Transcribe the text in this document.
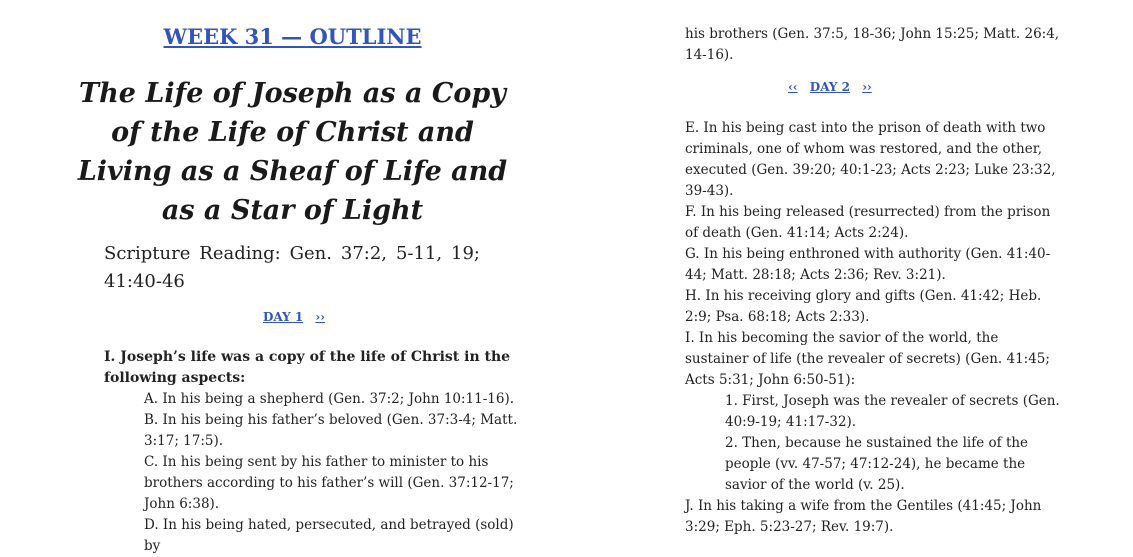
WEEK 31 — OUTLINE
The Life of Joseph as a Copy of the Life of Christ and Living as a Sheaf of Life and as a Star of Light
Scripture Reading: Gen. 37:2, 5-11, 19; 41:40-46
DAY 1 ››
I. Joseph’s life was a copy of the life of Christ in the following aspects:
A. In his being a shepherd (Gen. 37:2; John 10:11-16).
B. In his being his father’s beloved (Gen. 37:3-4; Matt. 3:17; 17:5).
C. In his being sent by his father to minister to his brothers according to his father’s will (Gen. 37:12-17; John 6:38).
D. In his being hated, persecuted, and betrayed (sold) by
his brothers (Gen. 37:5, 18-36; John 15:25; Matt. 26:4, 14-16).
‹‹ DAY 2 ››
E. In his being cast into the prison of death with two criminals, one of whom was restored, and the other, executed (Gen. 39:20; 40:1-23; Acts 2:23; Luke 23:32, 39-43).
F. In his being released (resurrected) from the prison of death (Gen. 41:14; Acts 2:24).
G. In his being enthroned with authority (Gen. 41:40-44; Matt. 28:18; Acts 2:36; Rev. 3:21).
H. In his receiving glory and gifts (Gen. 41:42; Heb. 2:9; Psa. 68:18; Acts 2:33).
I. In his becoming the savior of the world, the sustainer of life (the revealer of secrets) (Gen. 41:45; Acts 5:31; John 6:50-51):
1. First, Joseph was the revealer of secrets (Gen. 40:9-19; 41:17-32).
2. Then, because he sustained the life of the people (vv. 47-57; 47:12-24), he became the savior of the world (v. 25).
J. In his taking a wife from the Gentiles (41:45; John 3:29; Eph. 5:23-27; Rev. 19:7).
